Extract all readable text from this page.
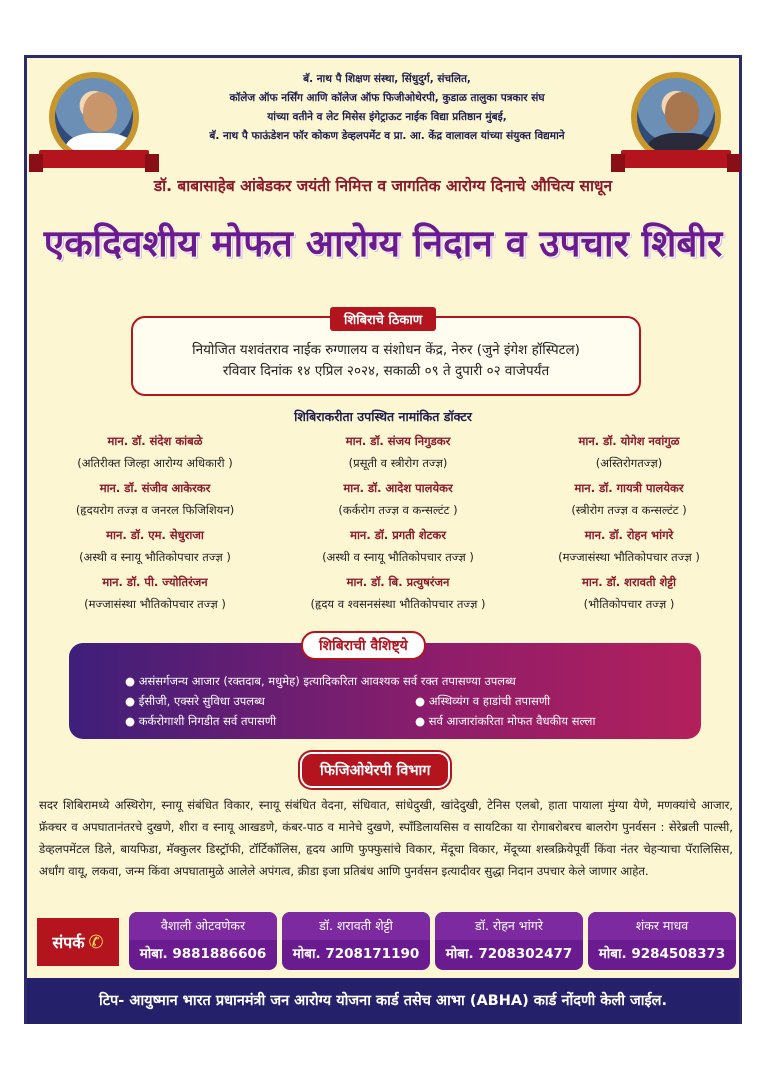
बॅ. नाथ पै शिक्षण संस्था, सिंधुदुर्ग, संचलित,
कॉलेज ऑफ नर्सिंग आणि कॉलेज ऑफ फिजीओथेरपी, कुडाळ तालुका पत्रकार संघ
यांच्या वतीने व लेट मिसेस इंगेट्राऊट नाईक विद्या प्रतिष्ठान मुंबई,
बॅ. नाथ पै फाऊंडेशन फॉर कोकण डेव्हलपमेंट व प्रा. आ. केंद्र वालावल यांच्या संयुक्त विद्यमाने
डॉ. बाबासाहेब आंबेडकर जयंती निमित्त व जागतिक आरोग्य दिनाचे औचित्य साधून
एकदिवशीय मोफत आरोग्य निदान व उपचार शिबीर
नियोजित यशवंतराव नाईक रुग्णालय व संशोधन केंद्र, नेरुर (जुने इंगेश हॉस्पिटल)
रविवार दिनांक १४ एप्रिल २०२४, सकाळी ०९ ते दुपारी ०२ वाजेपर्यंत
शिबिराचे ठिकाण
शिबिराकरीता उपस्थित नामांकित डॉक्टर
मान. डॉ. संदेश कांबळे
(अतिरीक्त जिल्हा आरोग्य अधिकारी )
मान. डॉ. संजय निगुडकर
(प्रसूती व स्त्रीरोग तज्ज्ञ)
मान. डॉ. योगेश नवांगुळ
(अस्तिरोगतज्ज्ञ)
मान. डॉ. संजीव आकेरकर
(हृदयरोग तज्ज्ञ व जनरल फिजिशियन)
मान. डॉ. आदेश पालयेकर
(कर्करोग तज्ज्ञ व कन्सल्टंट )
मान. डॉ. गायत्री पालयेकर
(स्त्रीरोग तज्ज्ञ व कन्सल्टंट )
मान. डॉ. एम. सेधुराजा
(अस्थी व स्नायू भौतिकोपचार तज्ज्ञ )
मान. डॉ. प्रगती शेटकर
(अस्थी व स्नायू भौतिकोपचार तज्ज्ञ )
मान. डॉ. रोहन भांगरे
(मज्जासंस्था भौतिकोपचार तज्ज्ञ )
मान. डॉ. पी. ज्योतिरंजन
(मज्जासंस्था भौतिकोपचार तज्ज्ञ )
मान. डॉ. बि. प्रत्युषरंजन
(हृदय व श्वसनसंस्था भौतिकोपचार तज्ज्ञ )
मान. डॉ. शरावती शेट्टी
(भौतिकोपचार तज्ज्ञ )
● असंसर्गजन्य आजार (रक्तदाब, मधुमेह) इत्यादिकरिता आवश्यक सर्व रक्त तपासण्या उपलब्ध
● ईसीजी, एक्सरे सुविधा उपलब्ध	● अस्थिव्यंग व हाडांची तपासणी
● कर्करोगाशी निगडीत सर्व तपासणी	● सर्व आजारांकरिता मोफत वैधकीय सल्ला
शिबिराची वैशिष्ट्ये
फिजिओथेरपी विभाग
सदर शिबिरामध्ये अस्थिरोग, स्नायू संबंधित विकार, स्नायू संबंधित वेदना, संधिवात, सांधेदुखी, खांदेदुखी, टेनिस एलबो, हाता पायाला मुंग्या येणे, मणक्यांचे आजार, फ्रॅक्चर व अपघातानंतरचे दुखणे, शीरा व स्नायू आखडणे, कंबर-पाठ व मानेचे दुखणे, स्पॉंडिलायसिस व सायटिका या रोगाबरोबरच बालरोग पुनर्वसन : सेरेब्रली पाल्सी, डेव्हलपमेंटल डिले, बायफिडा, मॅक्कुलर डिस्ट्रॉफी, टॉर्टिकॉलिस, हृदय आणि फुफ्फुसांचे विकार, मेंदूचा विकार, मेंदूच्या शस्त्रक्रियेपूर्वी किंवा नंतर चेहऱ्याचा पॅरालिसिस, अर्धांग वायू, लकवा, जन्म किंवा अपघातामुळे आलेले अपंगत्व, क्रीडा इजा प्रतिबंध आणि पुनर्वसन इत्यादीवर सुद्धा निदान उपचार केले जाणार आहेत.
संपर्क ✆
वैशाली ओटवणेकर
मोबा. 9881886606
डॉ. शरावती शेट्टी
मोबा. 7208171190
डॉ. रोहन भांगरे
मोबा. 7208302477
शंकर माधव
मोबा. 9284508373
टिप- आयुष्मान भारत प्रधानमंत्री जन आरोग्य योजना कार्ड तसेच आभा (ABHA) कार्ड नोंदणी केली जाईल.
